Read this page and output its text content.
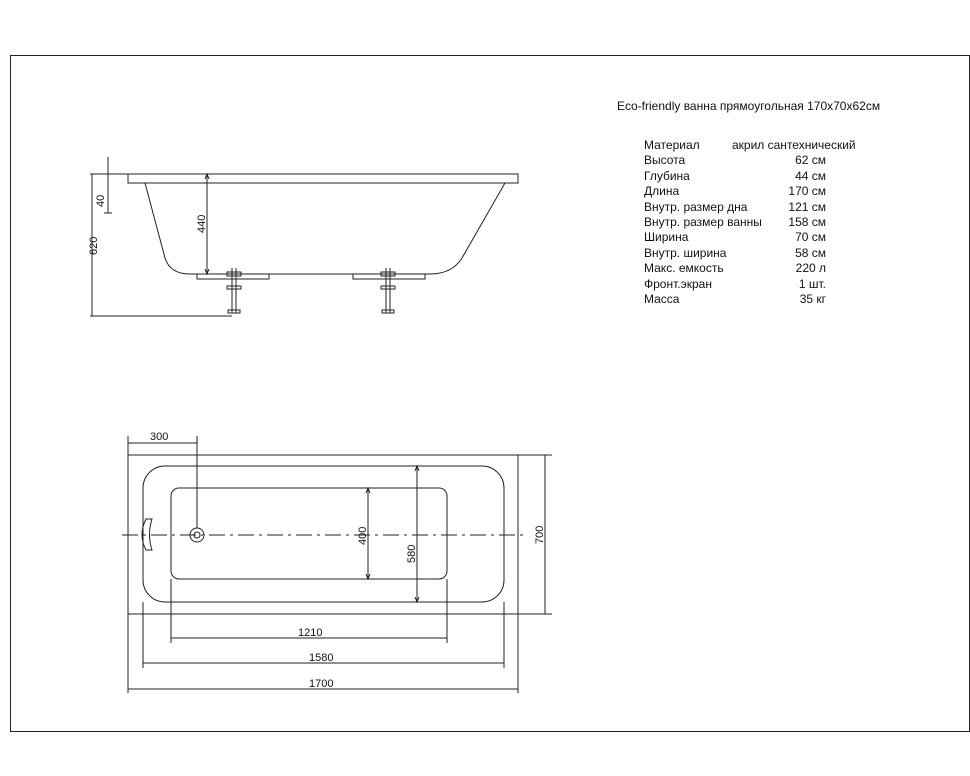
40
620
440
300
400
580
700
1210
1580
1700
Eco-friendly ванна прямоугольная 170x70x62см
Материал	акрил сантехнический
Высота	62 см
Глубина	44 см
Длина	170 см
Внутр. размер дна	121 см
Внутр. размер ванны	158 см
Ширина	70 см
Внутр. ширина	58 см
Макс. емкость	220 л
Фронт.экран	1 шт.
Масса	35 кг
